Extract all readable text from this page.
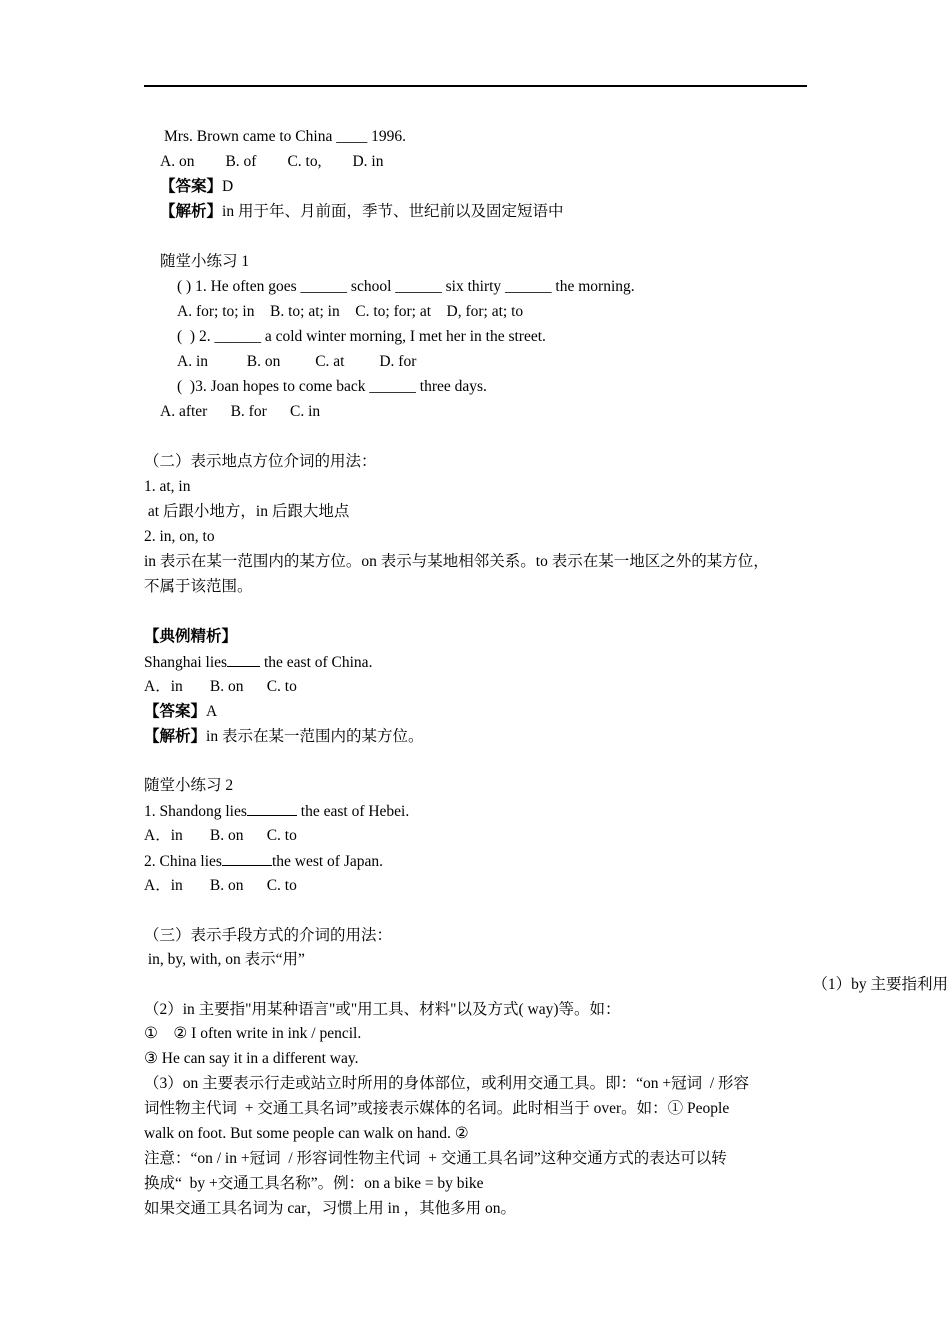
Mrs. Brown came to China ____ 1996.
A. on        B. of        C. to,        D. in
【答案】D
【解析】in 用于年、月前面，季节、世纪前以及固定短语中
随堂小练习 1
( ) 1. He often goes ______ school ______ six thirty ______ the morning.
A. for; to; in    B. to; at; in    C. to; for; at    D, for; at; to
(  ) 2. ______ a cold winter morning, I met her in the street.
A. in          B. on         C. at         D. for
(  )3. Joan hopes to come back ______ three days.
A. after      B. for      C. in
（二）表示地点方位介词的用法：
1. at, in
at 后跟小地方，in 后跟大地点
2. in, on, to
in 表示在某一范围内的某方位。on 表示与某地相邻关系。to 表示在某一地区之外的某方位，
不属于该范围。
【典例精析】
Shanghai lies the east of China.
A．in       B. on      C. to
【答案】A
【解析】in 表示在某一范围内的某方位。
随堂小练习 2
1. Shandong lies	the east of Hebei.
A．in       B. on      C. to
2. China lies	the west of Japan.
A．in       B. on      C. to
（三）表示手段方式的介词的用法：
in, by, with, on 表示“用”
（1）by 主要指利用
（2）in 主要指"用某种语言"或"用工具、材料"以及方式( way)等。如：
①    ② I often write in ink / pencil.
③ He can say it in a different way.
（3）on 主要表示行走或站立时所用的身体部位，或利用交通工具。即：“on +冠词  / 形容
词性物主代词  + 交通工具名词”或接表示媒体的名词。此时相当于 over。如：① People
walk on foot. But some people can walk on hand. ②
注意：“on / in +冠词  / 形容词性物主代词  + 交通工具名词”这种交通方式的表达可以转
换成“  by +交通工具名称”。例：on a bike = by bike
如果交通工具名词为 car，习惯上用 in ，其他多用 on。
